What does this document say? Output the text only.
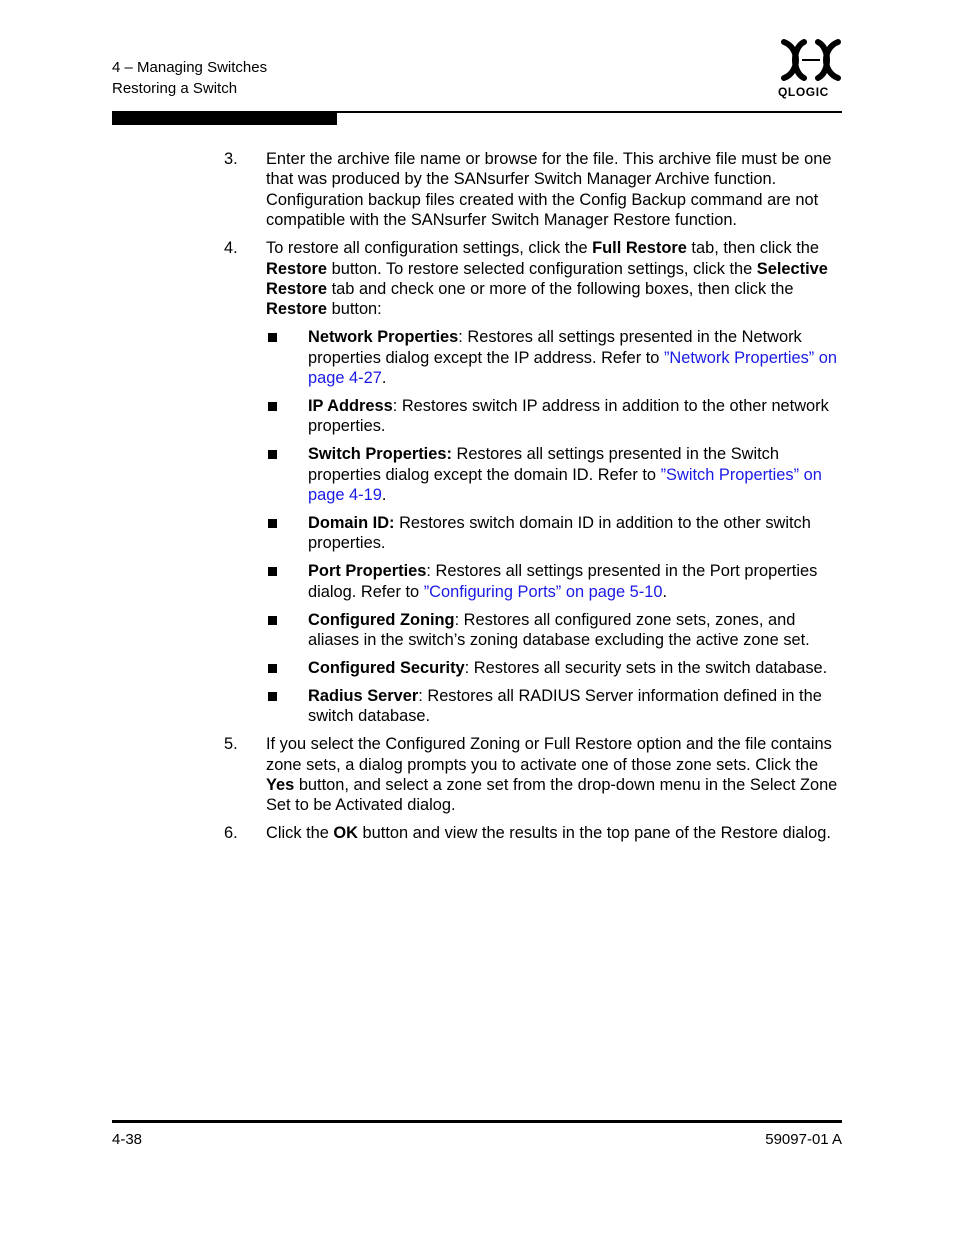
4 – Managing Switches
Restoring a Switch	QLOGIC
3. Enter the archive file name or browse for the file. This archive file must be one that was produced by the SANsurfer Switch Manager Archive function. Configuration backup files created with the Config Backup command are not compatible with the SANsurfer Switch Manager Restore function.
4. To restore all configuration settings, click the Full Restore tab, then click the Restore button. To restore selected configuration settings, click the Selective Restore tab and check one or more of the following boxes, then click the Restore button:
Network Properties: Restores all settings presented in the Network properties dialog except the IP address. Refer to ”Network Properties” on page 4-27.
IP Address: Restores switch IP address in addition to the other network properties.
Switch Properties: Restores all settings presented in the Switch properties dialog except the domain ID. Refer to ”Switch Properties” on page 4-19.
Domain ID: Restores switch domain ID in addition to the other switch properties.
Port Properties: Restores all settings presented in the Port properties dialog. Refer to ”Configuring Ports” on page 5-10.
Configured Zoning: Restores all configured zone sets, zones, and aliases in the switch’s zoning database excluding the active zone set.
Configured Security: Restores all security sets in the switch database.
Radius Server: Restores all RADIUS Server information defined in the switch database.
5. If you select the Configured Zoning or Full Restore option and the file contains zone sets, a dialog prompts you to activate one of those zone sets. Click the Yes button, and select a zone set from the drop-down menu in the Select Zone Set to be Activated dialog.
6. Click the OK button and view the results in the top pane of the Restore dialog.
4-38	59097-01 A
